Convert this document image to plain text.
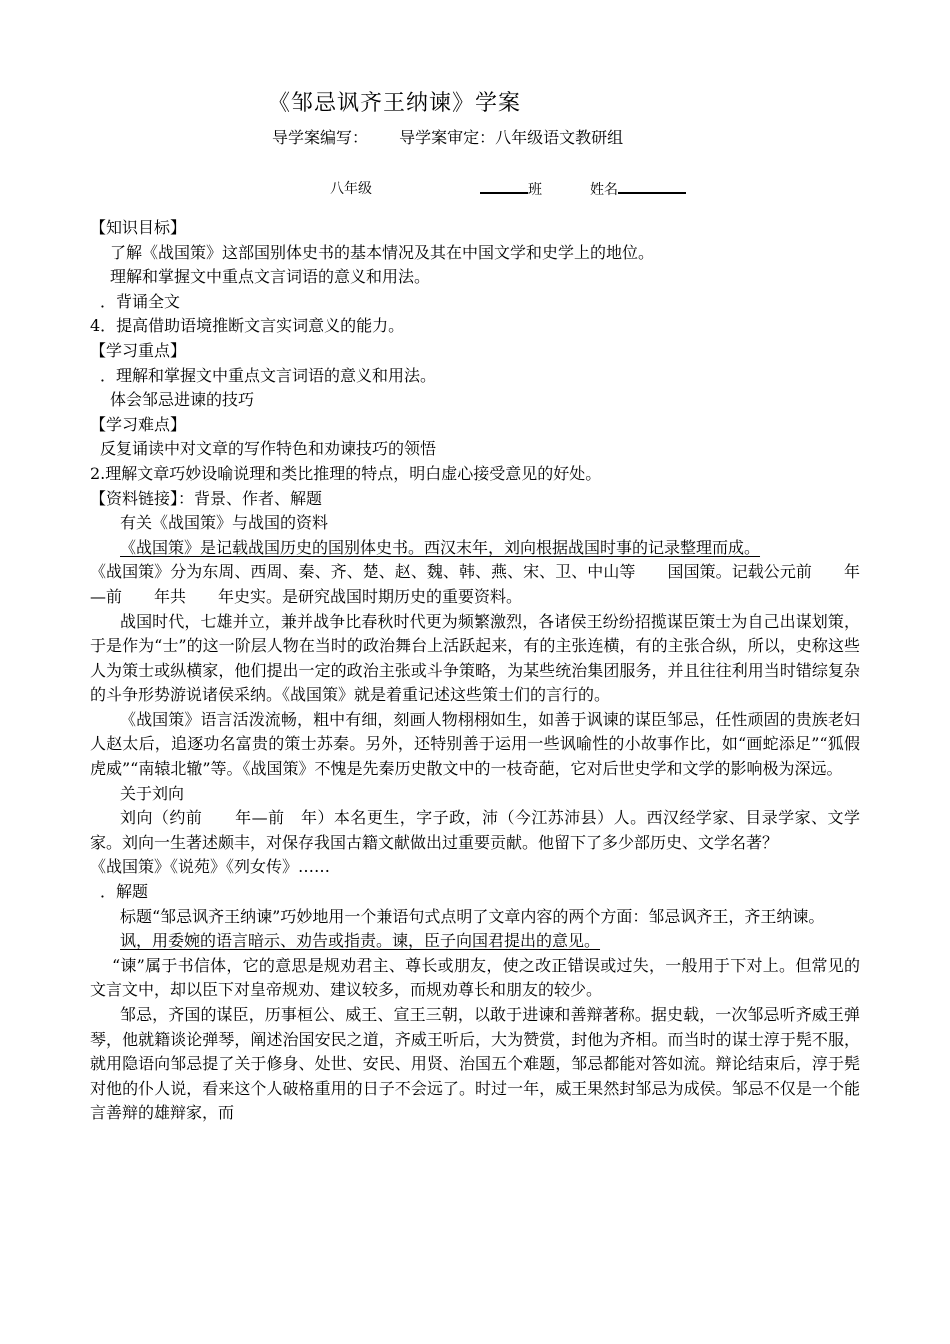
《邹忌讽齐王纳谏》学案
导学案编写： 导学案审定：八年级语文教研组
八年级	班	姓名

【知识目标】

了解《战国策》这部国别体史书的基本情况及其在中国文学和史学上的地位。

理解和掌握文中重点文言词语的意义和用法。

．背诵全文

4．提高借助语境推断文言实词意义的能力。

【学习重点】

．理解和掌握文中重点文言词语的意义和用法。

体会邹忌进谏的技巧

【学习难点】

反复诵读中对文章的写作特色和劝谏技巧的领悟

2.理解文章巧妙设喻说理和类比推理的特点，明白虚心接受意见的好处。

【资料链接】：背景、作者、解题

有关《战国策》与战国的资料

《战国策》是记载战国历史的国别体史书。西汉末年，刘向根据战国时事的记录整理而成。

《战国策》分为东周、西周、秦、齐、楚、赵、魏、韩、燕、宋、卫、中山等　　国国策。记载公元前　　年—前　　年共　　年史实。是研究战国时期历史的重要资料。

战国时代，七雄并立，兼并战争比春秋时代更为频繁激烈，各诸侯王纷纷招揽谋臣策士为自己出谋划策，于是作为“士”的这一阶层人物在当时的政治舞台上活跃起来，有的主张连横，有的主张合纵，所以，史称这些人为策士或纵横家，他们提出一定的政治主张或斗争策略，为某些统治集团服务，并且往往利用当时错综复杂的斗争形势游说诸侯采纳。《战国策》就是着重记述这些策士们的言行的。

《战国策》语言活泼流畅，粗中有细，刻画人物栩栩如生，如善于讽谏的谋臣邹忌，任性顽固的贵族老妇人赵太后，追逐功名富贵的策士苏秦。另外，还特别善于运用一些讽喻性的小故事作比，如“画蛇添足”“狐假虎威”“南辕北辙”等。《战国策》不愧是先秦历史散文中的一枝奇葩，它对后世史学和文学的影响极为深远。

关于刘向

刘向（约前　　年—前　年）本名更生，字子政，沛（今江苏沛县）人。西汉经学家、目录学家、文学家。刘向一生著述颇丰，对保存我国古籍文献做出过重要贡献。他留下了多少部历史、文学名著？

《战国策》《说苑》《列女传》……

．解题

标题“邹忌讽齐王纳谏”巧妙地用一个兼语句式点明了文章内容的两个方面：邹忌讽齐王，齐王纳谏。

讽，用委婉的语言暗示、劝告或指责。谏，臣子向国君提出的意见。

“谏”属于书信体，它的意思是规劝君主、尊长或朋友，使之改正错误或过失，一般用于下对上。但常见的文言文中，却以臣下对皇帝规劝、建议较多，而规劝尊长和朋友的较少。

邹忌，齐国的谋臣，历事桓公、威王、宣王三朝，以敢于进谏和善辩著称。据史载，一次邹忌听齐威王弹琴，他就籍谈论弹琴，阐述治国安民之道，齐威王听后，大为赞赏，封他为齐相。而当时的谋士淳于髡不服，就用隐语向邹忌提了关于修身、处世、安民、用贤、治国五个难题，邹忌都能对答如流。辩论结束后，淳于髡对他的仆人说，看来这个人破格重用的日子不会远了。时过一年，威王果然封邹忌为成侯。邹忌不仅是一个能言善辩的雄辩家，而
